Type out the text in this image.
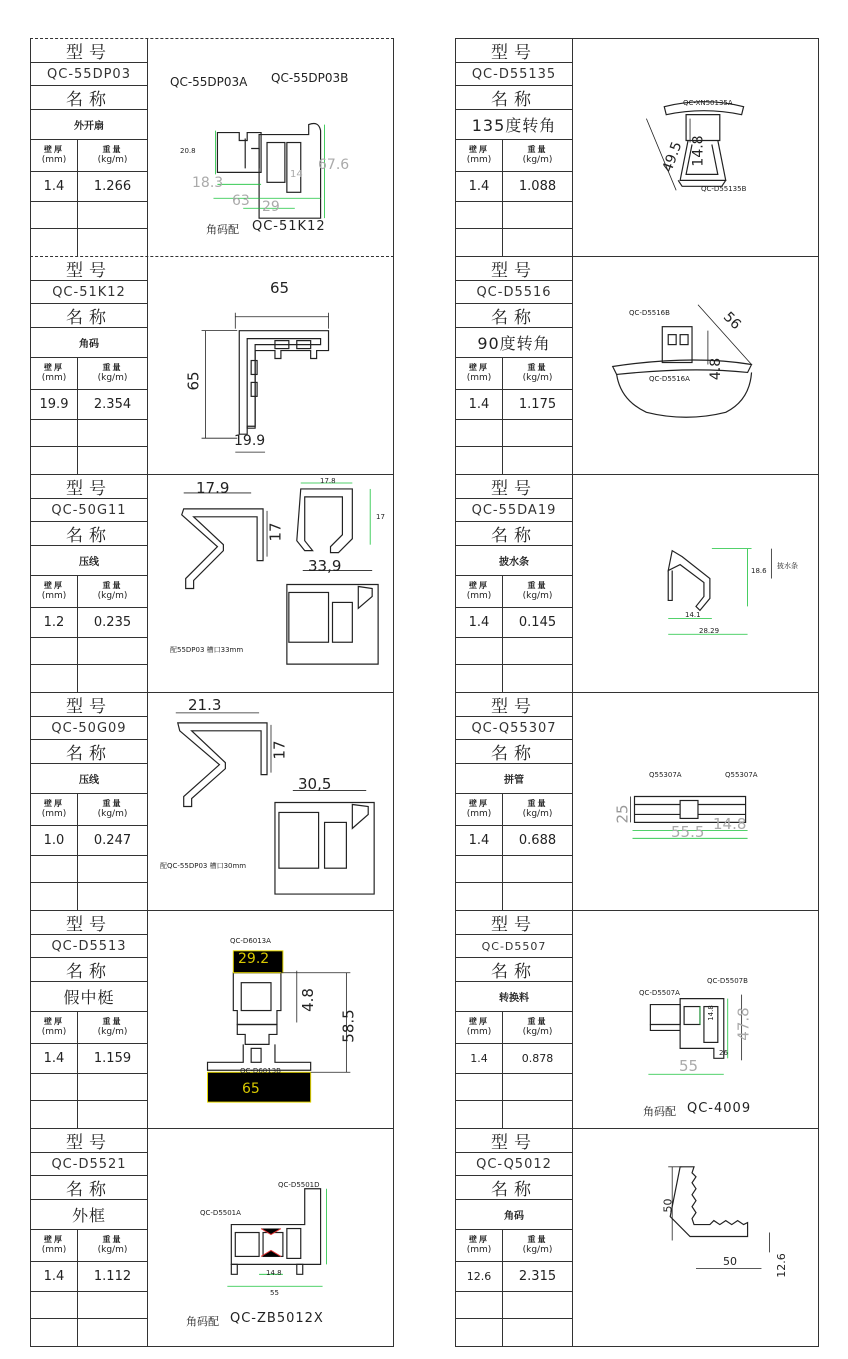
型号
QC-55DP03
名称
外开扇
壁厚
(mm)
重量
(kg/m)
1.4 1.266
QC-55DP03A QC-55DP03B
20.8
18.3
63 29
67.6
14
角码配 QC-51K12
型号
QC-51K12
名称
角码
壁厚
(mm)
重量
(kg/m)
19.9 2.354
65
65
19.9
型号
QC-50G11
名称
压线
壁厚
(mm)
重量
(kg/m)
1.2 0.235
17.9
17
17.8
17
33,9
配55DP03 槽口33mm
型号
QC-50G09
名称
压线
壁厚
(mm)
重量
(kg/m)
1.0 0.247
21.3
17
30,5
配QC-55DP03 槽口30mm
型号
QC-D5513
名称
假中梃
壁厚
(mm)
重量
(kg/m)
1.4 1.159
QC-D6013A
29.2
4.8
58.5
QC-D6013B
65
型号
QC-D5521
名称
外框
壁厚
(mm)
重量
(kg/m)
1.4 1.112
QC-D5501D
QC-D5501A
55
14.8
角码配 QC-ZB5012X
型号
QC-D55135
名称
135度转角
壁厚
(mm)
重量
(kg/m)
1.4 1.088
QC-XN50135A
14.8
49.5
QC-D55135B
型号
QC-D5516
名称
90度转角
壁厚
(mm)
重量
(kg/m)
1.4 1.175
QC-D5516B	56
4.8
QC-D5516A
型号
QC-55DA19
名称
披水条
壁厚
(mm)
重量
(kg/m)
1.4 0.145
18.6
14.1
28.29
披水条
型号
QC-Q55307
名称
拼管
壁厚
(mm)
重量
(kg/m)
1.4 0.688
Q55307A	Q55307A
25
55.5 14.8
型号
QC-D5507
名称
转换料
壁厚
(mm)
重量
(kg/m)
1.4	0.878
QC-D5507B
QC-D5507A
14.8 47.8
55
26
角码配 QC-4009
型号
QC-Q5012
名称
角码
壁厚
(mm)
重量
(kg/m)
12.6 2.315
50
50	12.6
